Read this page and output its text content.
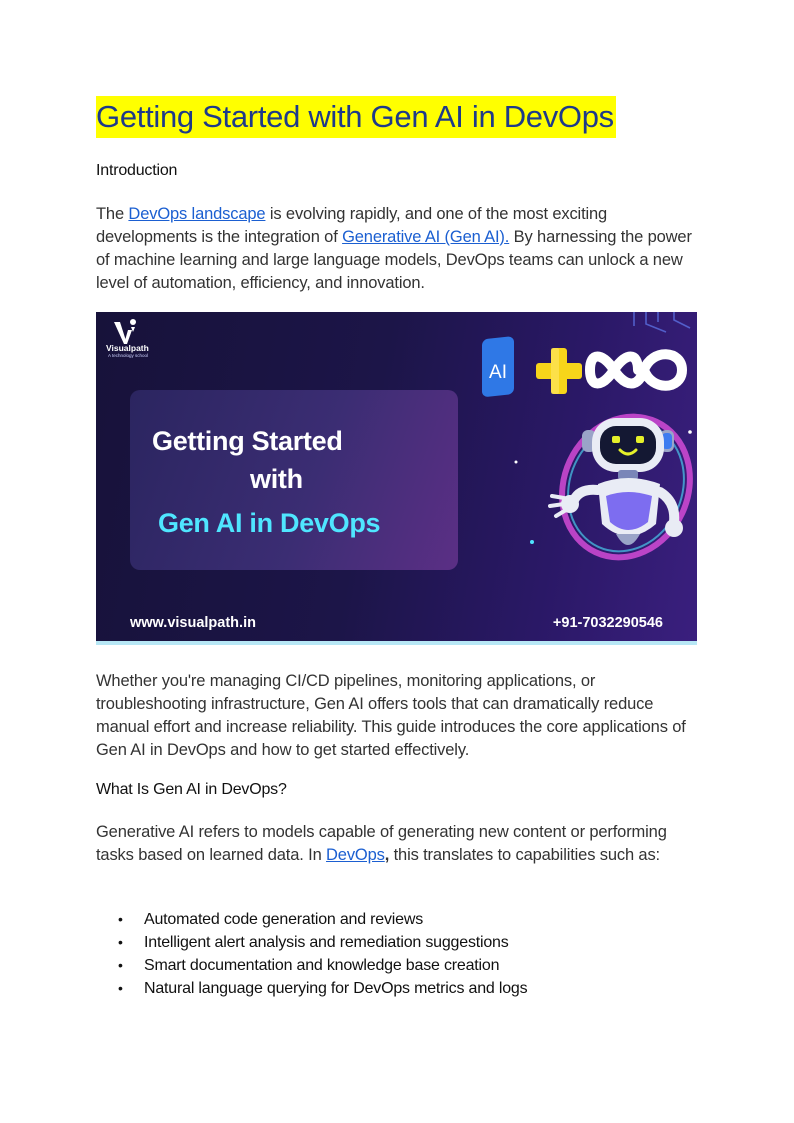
Getting Started with Gen AI in DevOps
Introduction
The DevOps landscape is evolving rapidly, and one of the most exciting developments is the integration of Generative AI (Gen AI). By harnessing the power of machine learning and large language models, DevOps teams can unlock a new level of automation, efficiency, and innovation.
Visualpath
A technology school
Getting Started
with
Gen AI in DevOps
AI
www.visualpath.in	+91-7032290546
Whether you're managing CI/CD pipelines, monitoring applications, or troubleshooting infrastructure, Gen AI offers tools that can dramatically reduce manual effort and increase reliability. This guide introduces the core applications of Gen AI in DevOps and how to get started effectively.
What Is Gen AI in DevOps?
Generative AI refers to models capable of generating new content or performing tasks based on learned data. In DevOps, this translates to capabilities such as:
• Automated code generation and reviews
• Intelligent alert analysis and remediation suggestions
• Smart documentation and knowledge base creation
• Natural language querying for DevOps metrics and logs
